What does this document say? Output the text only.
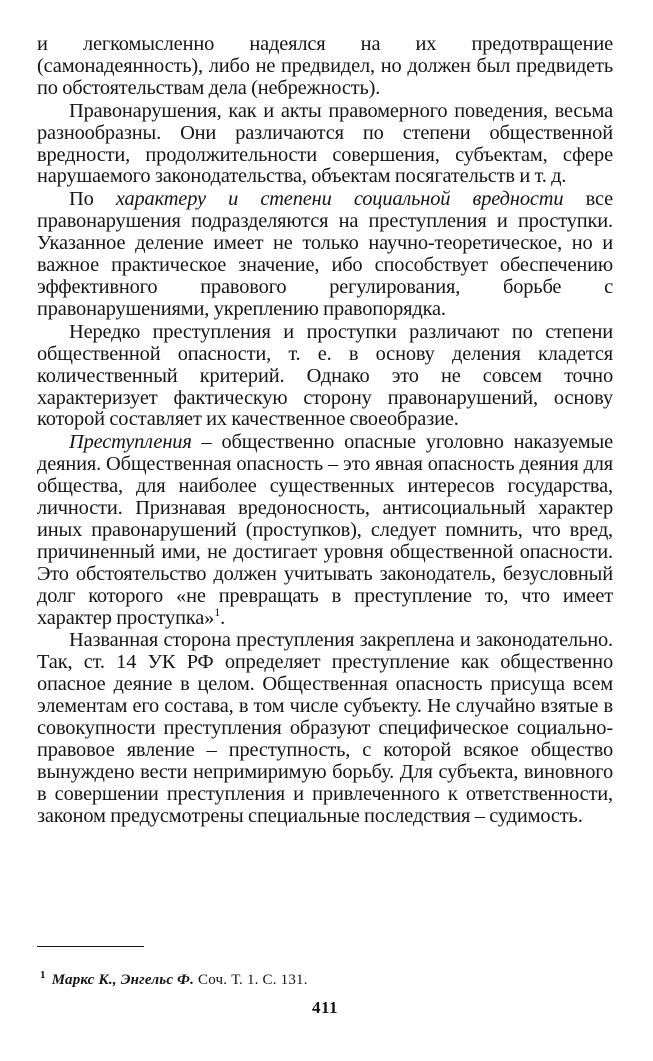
и легкомысленно надеялся на их предотвращение (самонадеянность), либо не предвидел, но должен был предвидеть по обстоятельствам дела (небрежность).

Правонарушения, как и акты правомерного поведения, весьма разнообразны. Они различаются по степени общественной вредности, продолжительности совершения, субъектам, сфере нарушаемого законодательства, объектам посягательств и т. д.

По характеру и степени социальной вредности все правонарушения подразделяются на преступления и проступки. Указанное деление имеет не только научно-теоретическое, но и важное практическое значение, ибо способствует обеспечению эффективного правового регулирования, борьбе с правонарушениями, укреплению правопорядка.

Нередко преступления и проступки различают по степени общественной опасности, т. е. в основу деления кладется количественный критерий. Однако это не совсем точно характеризует фактическую сторону правонарушений, основу которой составляет их качественное своеобразие.

Преступления – общественно опасные уголовно наказуемые деяния. Общественная опасность – это явная опасность деяния для общества, для наиболее существенных интересов государства, личности. Признавая вредоносность, антисоциальный характер иных правонарушений (проступков), следует помнить, что вред, причиненный ими, не достигает уровня общественной опасности. Это обстоятельство должен учитывать законодатель, безусловный долг которого «не превращать в преступление то, что имеет характер проступка»$^1$.

Названная сторона преступления закреплена и законодательно. Так, ст. 14 УК РФ определяет преступление как общественно опасное деяние в целом. Общественная опасность присуща всем элементам его состава, в том числе субъекту. Не случайно взятые в совокупности преступления образуют специфическое социально-правовое явление – преступность, с которой всякое общество вынуждено вести непримиримую борьбу. Для субъекта, виновного в совершении преступления и привлеченного к ответственности, законом предусмотрены специальные последствия – судимость.

$^1$ Маркс К., Энгельс Ф. Соч. Т. 1. С. 131.
411
